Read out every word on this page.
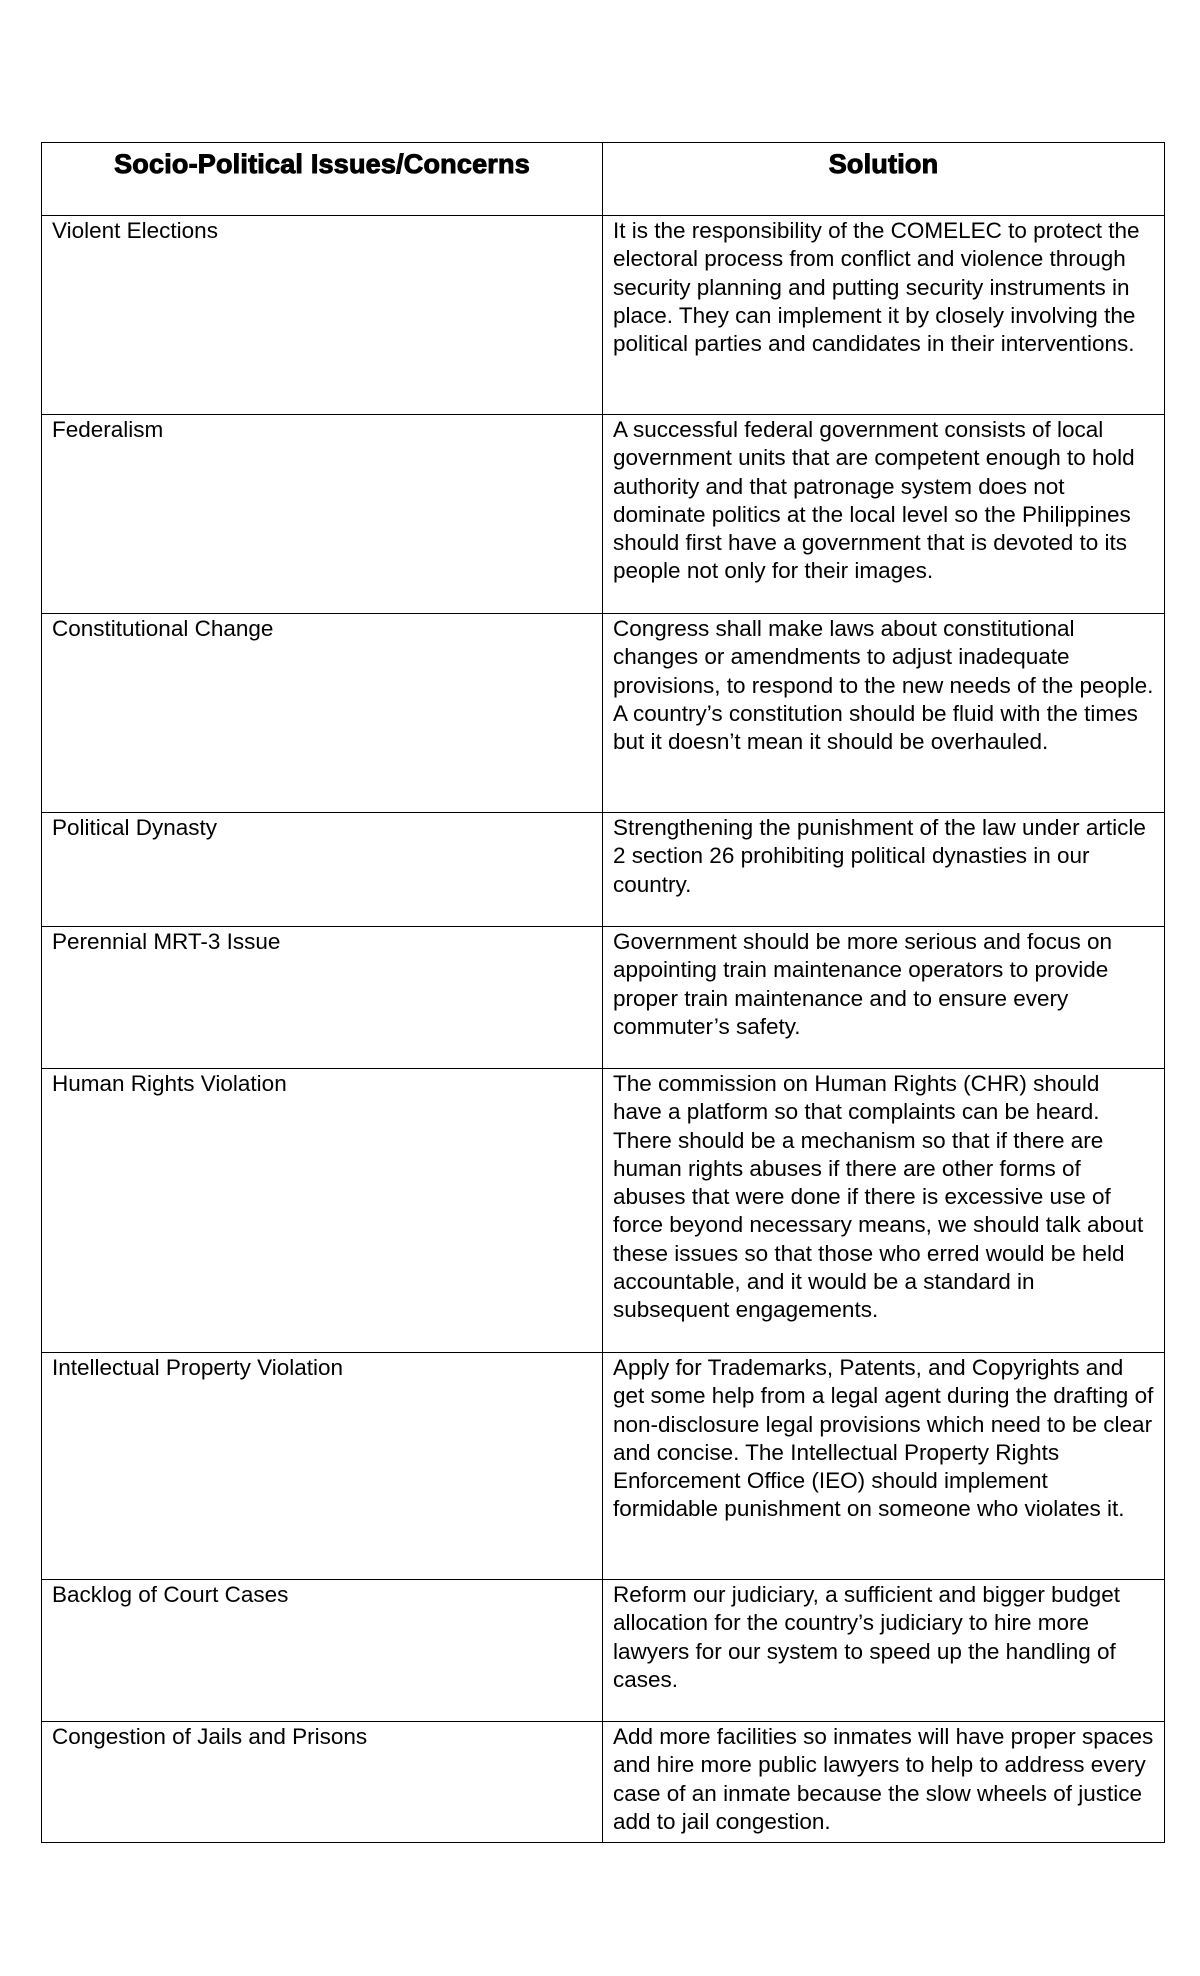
Socio-Political Issues/Concerns	Solution
Violent Elections	It is the responsibility of the COMELEC to protect the electoral process from conflict and violence through security planning and putting security instruments in place. They can implement it by closely involving the political parties and candidates in their interventions.
Federalism	A successful federal government consists of local government units that are competent enough to hold authority and that patronage system does not dominate politics at the local level so the Philippines should first have a government that is devoted to its people not only for their images.
Constitutional Change	Congress shall make laws about constitutional changes or amendments to adjust inadequate provisions, to respond to the new needs of the people. A country’s constitution should be fluid with the times but it doesn’t mean it should be overhauled.
Political Dynasty	Strengthening the punishment of the law under article 2 section 26 prohibiting political dynasties in our country.
Perennial MRT-3 Issue	Government should be more serious and focus on appointing train maintenance operators to provide proper train maintenance and to ensure every commuter’s safety.
Human Rights Violation	The commission on Human Rights (CHR) should have a platform so that complaints can be heard. There should be a mechanism so that if there are human rights abuses if there are other forms of abuses that were done if there is excessive use of force beyond necessary means, we should talk about these issues so that those who erred would be held accountable, and it would be a standard in subsequent engagements.
Intellectual Property Violation	Apply for Trademarks, Patents, and Copyrights and get some help from a legal agent during the drafting of non-disclosure legal provisions which need to be clear and concise. The Intellectual Property Rights Enforcement Office (IEO) should implement formidable punishment on someone who violates it.
Backlog of Court Cases	Reform our judiciary, a sufficient and bigger budget allocation for the country’s judiciary to hire more lawyers for our system to speed up the handling of cases.
Congestion of Jails and Prisons	Add more facilities so inmates will have proper spaces and hire more public lawyers to help to address every case of an inmate because the slow wheels of justice add to jail congestion.
